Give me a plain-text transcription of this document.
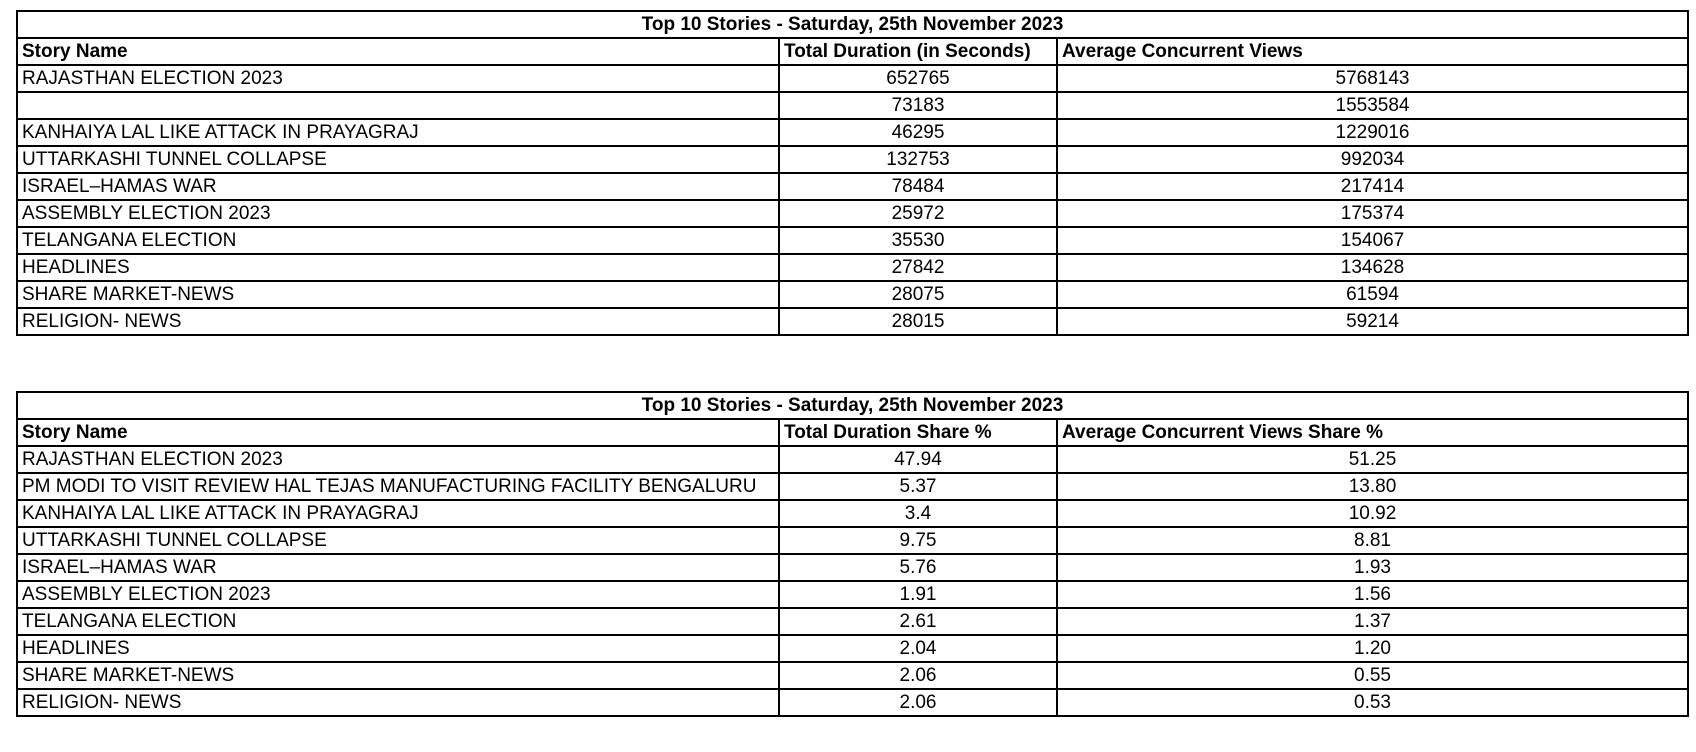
Top 10 Stories - Saturday, 25th November 2023		
Story Name	Total Duration (in Seconds)	Average Concurrent Views
RAJASTHAN ELECTION 2023	652765	5768143
	73183	1553584
KANHAIYA LAL LIKE ATTACK IN PRAYAGRAJ	46295	1229016
UTTARKASHI TUNNEL COLLAPSE	132753	992034
ISRAEL–HAMAS WAR	78484	217414
ASSEMBLY ELECTION 2023	25972	175374
TELANGANA ELECTION	35530	154067
HEADLINES	27842	134628
SHARE MARKET-NEWS	28075	61594
RELIGION- NEWS	28015	59214
Top 10 Stories - Saturday, 25th November 2023		
Story Name	Total Duration Share %	Average Concurrent Views Share %
RAJASTHAN ELECTION 2023	47.94	51.25
PM MODI TO VISIT REVIEW HAL TEJAS MANUFACTURING FACILITY BENGALURU	5.37	13.80
KANHAIYA LAL LIKE ATTACK IN PRAYAGRAJ	3.4	10.92
UTTARKASHI TUNNEL COLLAPSE	9.75	8.81
ISRAEL–HAMAS WAR	5.76	1.93
ASSEMBLY ELECTION 2023	1.91	1.56
TELANGANA ELECTION	2.61	1.37
HEADLINES	2.04	1.20
SHARE MARKET-NEWS	2.06	0.55
RELIGION- NEWS	2.06	0.53
